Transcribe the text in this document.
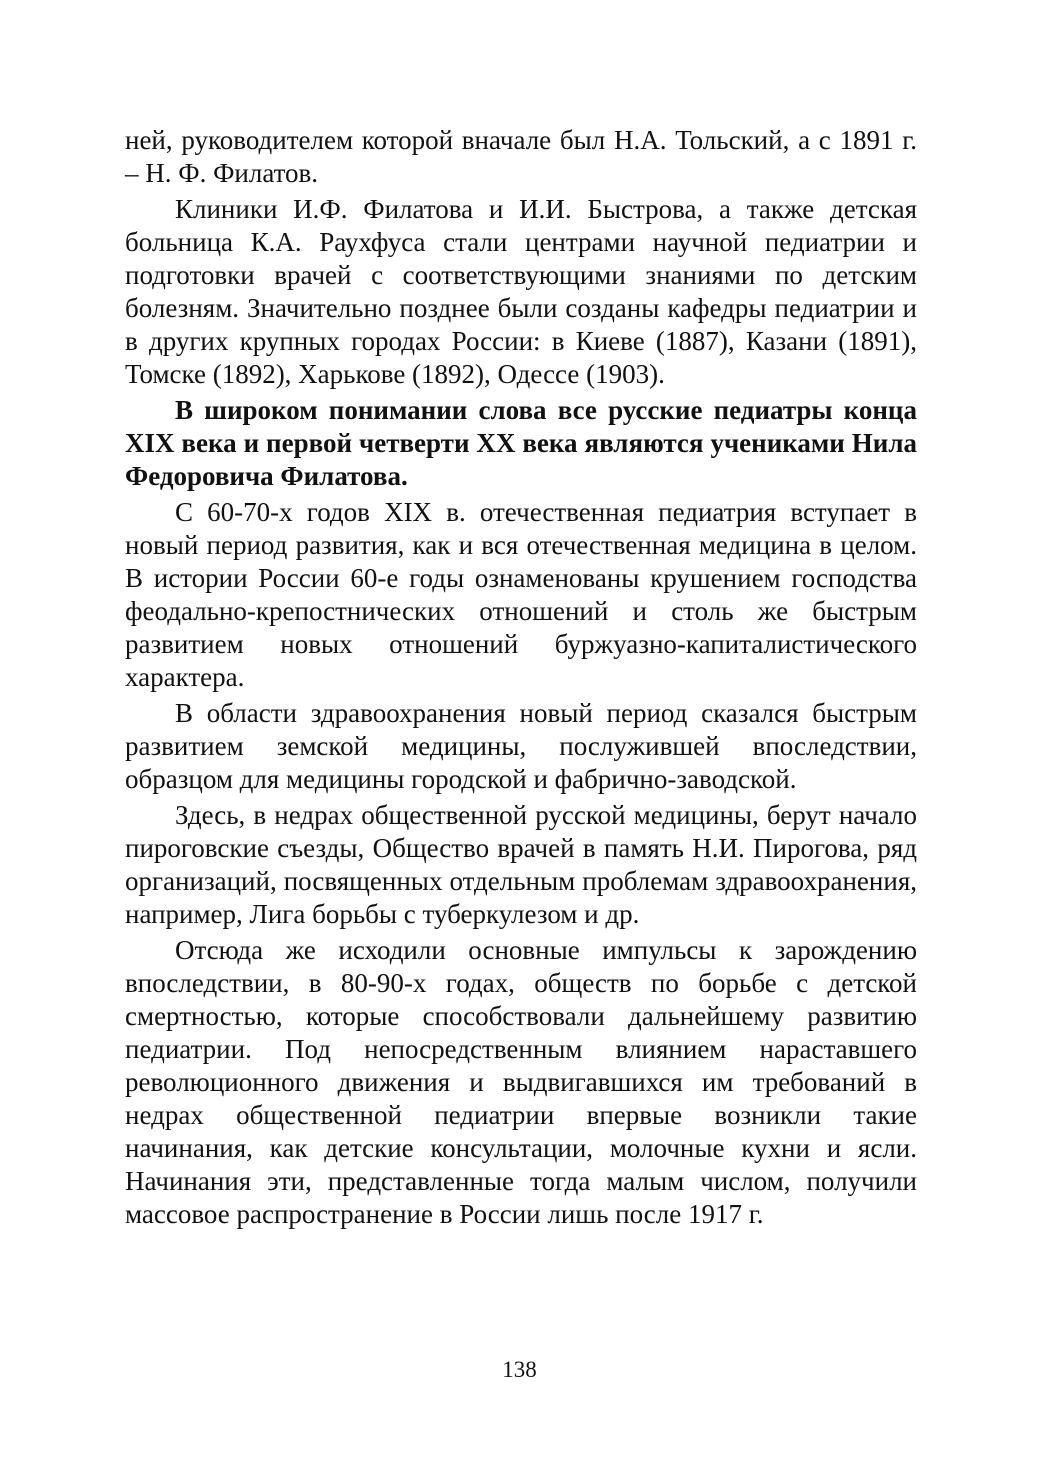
ней, руководителем которой вначале был Н.А. Тольский, а с 1891 г. – Н. Ф. Филатов.

Клиники И.Ф. Филатова и И.И. Быстрова, а также детская больница К.А. Раухфуса стали центрами научной педиатрии и подготовки врачей с соответствующими знаниями по детским болезням. Значительно позднее были созданы кафедры педиатрии и в других крупных городах России: в Киеве (1887), Казани (1891), Томске (1892), Харькове (1892), Одессе (1903).

В широком понимании слова все русские педиатры конца XIX века и первой четверти XX века являются учениками Нила Федоровича Филатова.

С 60-70-х годов XIX в. отечественная педиатрия вступает в новый период развития, как и вся отечественная медицина в целом. В истории России 60-е годы ознаменованы крушением господства феодально-крепостнических отношений и столь же быстрым развитием новых отношений буржуазно-капиталистического характера.

В области здравоохранения новый период сказался быстрым развитием земской медицины, послужившей впоследствии, образцом для медицины городской и фабрично-заводской.

Здесь, в недрах общественной русской медицины, берут начало пироговские съезды, Общество врачей в память Н.И. Пирогова, ряд организаций, посвященных отдельным проблемам здравоохранения, например, Лига борьбы с туберкулезом и др.

Отсюда же исходили основные импульсы к зарождению впоследствии, в 80-90-х годах, обществ по борьбе с детской смертностью, которые способствовали дальнейшему развитию педиатрии. Под непосредственным влиянием нараставшего революционного движения и выдвигавшихся им требований в недрах общественной педиатрии впервые возникли такие начинания, как детские консультации, молочные кухни и ясли. Начинания эти, представленные тогда малым числом, получили массовое распространение в России лишь после 1917 г.

138
